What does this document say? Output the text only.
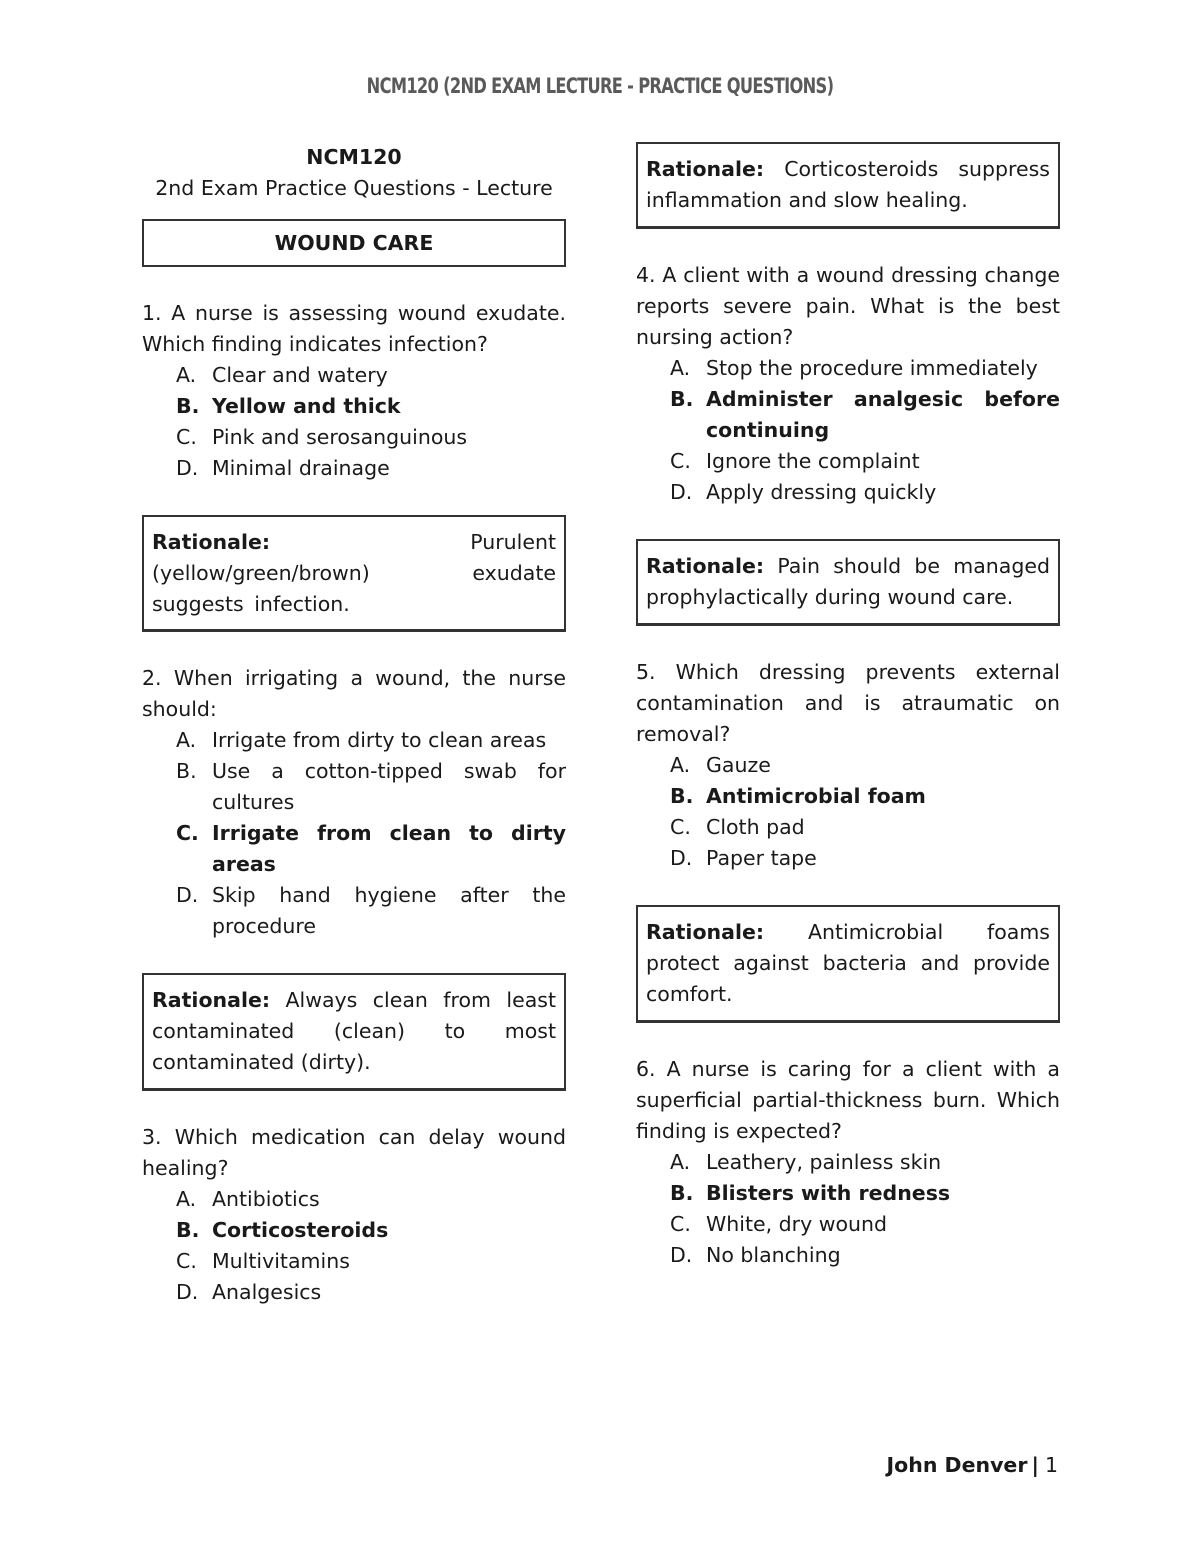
NCM120 (2ND EXAM LECTURE - PRACTICE QUESTIONS)
NCM120
2nd Exam Practice Questions - Lecture
WOUND CARE

1. A nurse is assessing wound exudate. Which finding indicates infection?

A. Clear and watery
B. Yellow and thick
C. Pink and serosanguinous
D. Minimal drainage
Rationale: Purulent (yellow/green/brown) exudate suggests infection.

2. When irrigating a wound, the nurse should:

A. Irrigate from dirty to clean areas
B. Use a cotton-tipped swab for cultures
C. Irrigate from clean to dirty areas
D. Skip hand hygiene after the procedure
Rationale: Always clean from least contaminated (clean) to most contaminated (dirty).

3. Which medication can delay wound healing?

A. Antibiotics
B. Corticosteroids
C. Multivitamins
D. Analgesics
Rationale: Corticosteroids suppress inflammation and slow healing.

4. A client with a wound dressing change reports severe pain. What is the best nursing action?

A. Stop the procedure immediately
B. Administer analgesic before continuing
C. Ignore the complaint
D. Apply dressing quickly
Rationale: Pain should be managed prophylactically during wound care.

5. Which dressing prevents external contamination and is atraumatic on removal?

A. Gauze
B. Antimicrobial foam
C. Cloth pad
D. Paper tape
Rationale: Antimicrobial foams protect against bacteria and provide comfort.

6. A nurse is caring for a client with a superficial partial-thickness burn. Which finding is expected?

A. Leathery, painless skin
B. Blisters with redness
C. White, dry wound
D. No blanching
John Denver | 1
